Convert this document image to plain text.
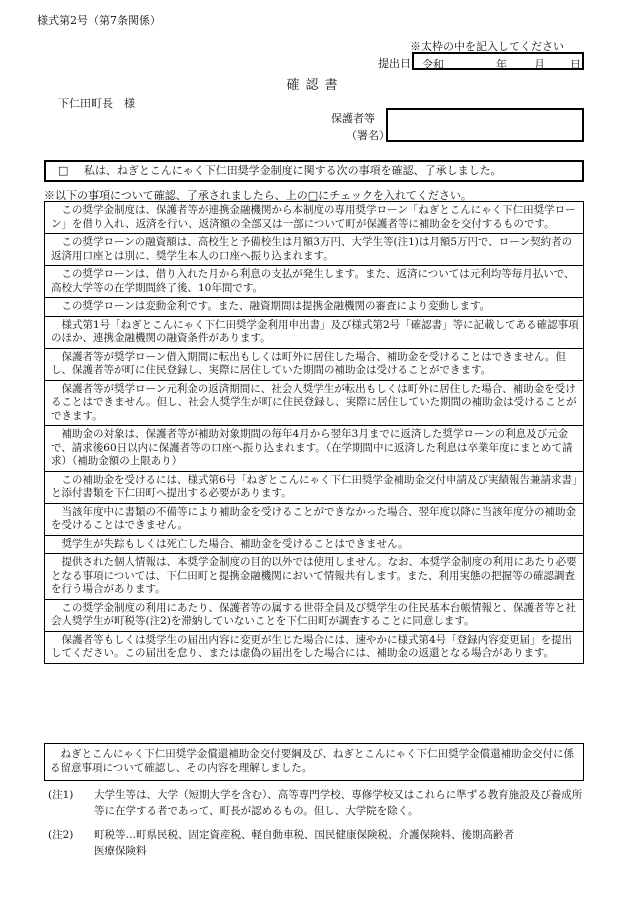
様式第2号（第7条関係）
※太枠の中を記入してください
提出日 令和	年 月 日
確認書
下仁田町長　様
保護者等
（署名）
□ 私は、ねぎとこんにゃく下仁田奨学金制度に関する次の事項を確認、了承しました。
※以下の事項について確認、了承されましたら、上の□にチェックを入れてください。
この奨学金制度は、保護者等が連携金融機関から本制度の専用奨学ローン「ねぎとこんにゃく下仁田奨学ローン」を借り入れ、返済を行い、返済額の全部又は一部について町が保護者等に補助金を交付するものです。
この奨学ローンの融資額は、高校生と予備校生は月額3万円、大学生等(注1)は月額5万円で、ローン契約者の返済用口座とは別に、奨学生本人の口座へ振り込まれます。
この奨学ローンは、借り入れた月から利息の支払が発生します。また、返済については元利均等毎月払いで、高校大学等の在学期間終了後、10年間です。
この奨学ローンは変動金利です。また、融資期間は提携金融機関の審査により変動します。
様式第1号「ねぎとこんにゃく下仁田奨学金利用申出書」及び様式第2号「確認書」等に記載してある確認事項のほか、連携金融機関の融資条件があります。
保護者等が奨学ローン借入期間に転出もしくは町外に居住した場合、補助金を受けることはできません。但し、保護者等が町に住民登録し、実際に居住していた期間の補助金は受けることができます。
保護者等が奨学ローン元利金の返済期間に、社会人奨学生が転出もしくは町外に居住した場合、補助金を受けることはできません。但し、社会人奨学生が町に住民登録し、実際に居住していた期間の補助金は受けることができます。
補助金の対象は、保護者等が補助対象期間の毎年4月から翌年3月までに返済した奨学ローンの利息及び元金で、請求後60日以内に保護者等の口座へ振り込まれます。（在学期間中に返済した利息は卒業年度にまとめて請求）（補助金額の上限あり）
この補助金を受けるには、様式第6号「ねぎとこんにゃく下仁田奨学金補助金交付申請及び実績報告兼請求書」と添付書類を下仁田町へ提出する必要があります。
当該年度中に書類の不備等により補助金を受けることができなかった場合、翌年度以降に当該年度分の補助金を受けることはできません。
奨学生が失踪もしくは死亡した場合、補助金を受けることはできません。
提供された個人情報は、本奨学金制度の目的以外では使用しません。なお、本奨学金制度の利用にあたり必要となる事項については、下仁田町と提携金融機関において情報共有します。また、利用実態の把握等の確認調査を行う場合があります。
この奨学金制度の利用にあたり、保護者等の属する世帯全員及び奨学生の住民基本台帳情報と、保護者等と社会人奨学生が町税等(注2)を滞納していないことを下仁田町が調査することに同意します。
保護者等もしくは奨学生の届出内容に変更が生じた場合には、速やかに様式第4号「登録内容変更届」を提出してください。この届出を怠り、または虚偽の届出をした場合には、補助金の返還となる場合があります。
ねぎとこんにゃく下仁田奨学金償還補助金交付要綱及び、ねぎとこんにゃく下仁田奨学金償還補助金交付に係る留意事項について確認し、その内容を理解しました。
(注1) 大学生等は、大学（短期大学を含む）、高等専門学校、専修学校又はこれらに準ずる教育施設及び養成所等に在学する者であって、町長が認めるもの。但し、大学院を除く。
(注2) 町税等…町県民税、固定資産税、軽自動車税、国民健康保険税、介護保険料、後期高齢者医療保険料
